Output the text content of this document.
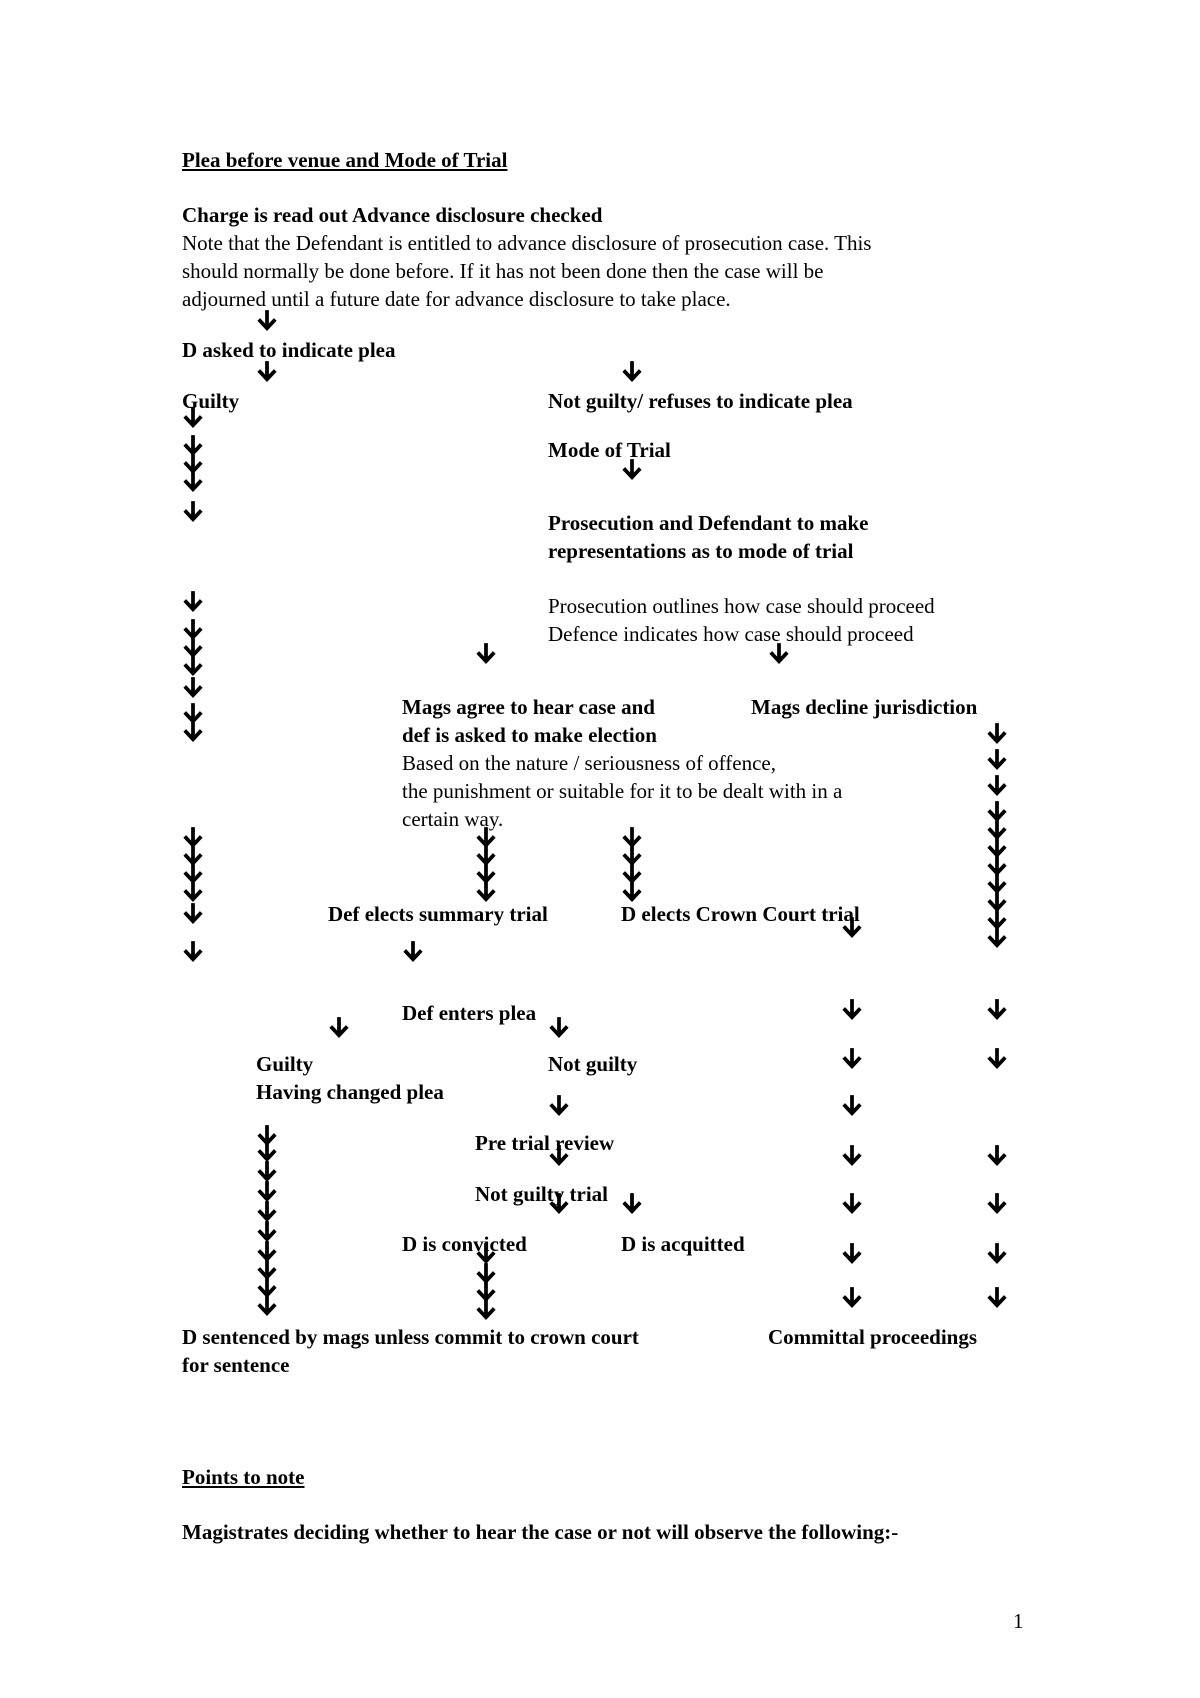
Plea before venue and Mode of Trial
Charge is read out Advance disclosure checked
Note that the Defendant is entitled to advance disclosure of prosecution case. This
should normally be done before. If it has not been done then the case will be
adjourned until a future date for advance disclosure to take place.
D asked to indicate plea
Guilty	Not guilty/ refuses to indicate plea
Mode of Trial
Prosecution and Defendant to make
representations as to mode of trial
Prosecution outlines how case should proceed
Defence indicates how case should proceed
Mags agree to hear case and
def is asked to make election
Mags decline jurisdiction
Based on the nature / seriousness of offence,
the punishment or suitable for it to be dealt with in a
certain way.
Def elects summary trial	D elects Crown Court trial
Def enters plea
Guilty
Having changed plea
Not guilty
Pre trial review
Not guilty trial
D is convicted	D is acquitted
D sentenced by mags unless commit to crown court
for sentence
Committal proceedings
Points to note
Magistrates deciding whether to hear the case or not will observe the following:-
1
